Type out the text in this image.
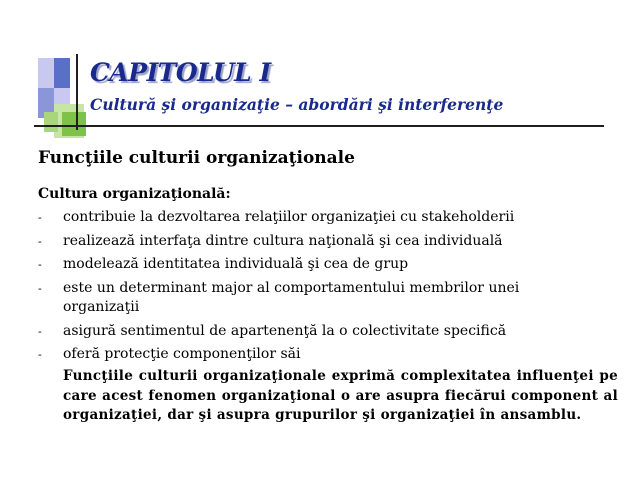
CAPITOLUL I
Cultură şi organizaţie – abordări şi interferenţe
Funcţiile culturii organizaţionale
Cultura organizaţională:
- contribuie la dezvoltarea relaţiilor organizaţiei cu stakeholderii
- realizează interfaţa dintre cultura naţională şi cea individuală
- modelează identitatea individuală şi cea de grup
- este un determinant major al comportamentului membrilor unei organizaţii
- asigură sentimentul de apartenenţă la o colectivitate specifică
- oferă protecţie componenţilor săi
Funcţiile culturii organizaţionale exprimă complexitatea influenţei pe care acest fenomen organizaţional o are asupra fiecărui component al organizaţiei, dar şi asupra grupurilor şi organizaţiei în ansamblu.
